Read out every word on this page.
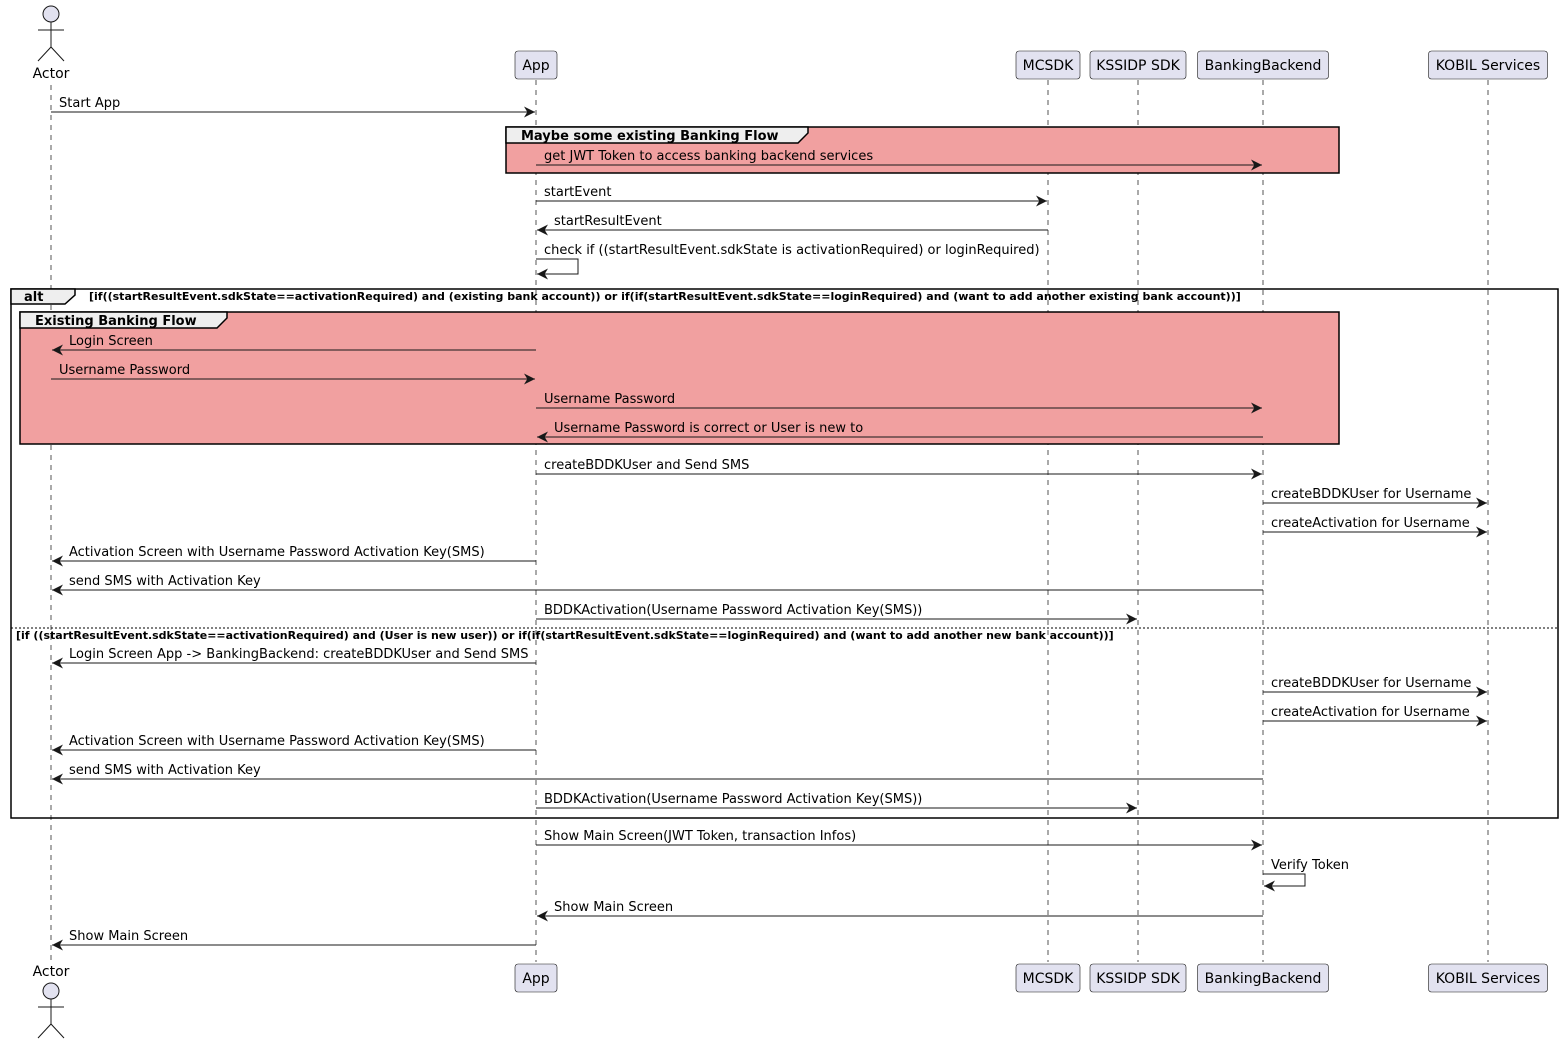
Maybe some existing Banking Flow
alt	[if((startResultEvent.sdkState==activationRequired) and (existing bank account)) or if(if(startResultEvent.sdkState==loginRequired) and (want to add another existing bank account))]
[if ((startResultEvent.sdkState==activationRequired) and (User is new user)) or if(if(startResultEvent.sdkState==loginRequired) and (want to add another new bank account))]
Existing Banking Flow
Start App
get JWT Token to access banking backend services
startEvent
startResultEvent
check if ((startResultEvent.sdkState is activationRequired) or loginRequired)
Login Screen
Username Password
Username Password
Username Password is correct or User is new to
createBDDKUser and Send SMS
createBDDKUser for Username
createActivation for Username
Activation Screen with Username Password Activation Key(SMS)
send SMS with Activation Key
BDDKActivation(Username Password Activation Key(SMS))
Login Screen App -> BankingBackend: createBDDKUser and Send SMS
createBDDKUser for Username
createActivation for Username
Activation Screen with Username Password Activation Key(SMS)
send SMS with Activation Key
BDDKActivation(Username Password Activation Key(SMS))
Show Main Screen(JWT Token, transaction Infos)
Verify Token
Show Main Screen
Show Main Screen
Actor	App	MCSDK KSSIDP SDK BankingBackend	KOBIL Services
Actor	App	MCSDK KSSIDP SDK BankingBackend	KOBIL Services
